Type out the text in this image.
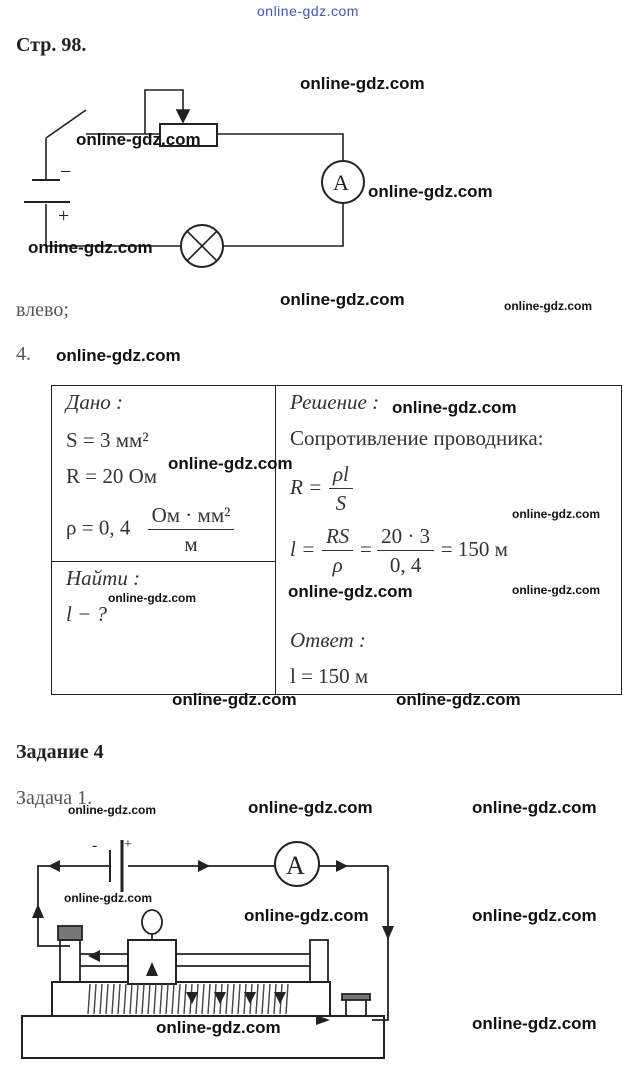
online-gdz.com
Стр. 98.
−
+
A
влево;
4.
Дано :
S = 3 мм²
R = 20 Ом
ρ = 0, $4 \frac{\text{Ом · мм²}}{м}$

Решение :
Сопротивление проводника:
$R = \frac{\rho l}{S}$
$l = \frac{RS}{\rho} = \frac{20 \cdot 3}{0, 4} = 150$ м
Ответ :
l = 150 м

Найти :
l − ?
Задание 4
Задача 1.
- +
A
online-gdz.com
online-gdz.com
online-gdz.com
online-gdz.com
online-gdz.com	online-gdz.com
online-gdz.com
online-gdz.com
online-gdz.com
online-gdz.com
online-gdz.com	online-gdz.com
online-gdz.com
online-gdz.com	online-gdz.com
online-gdz.com	online-gdz.com
online-gdz.com
online-gdz.com
online-gdz.com	online-gdz.com
online-gdz.com	online-gdz.com
